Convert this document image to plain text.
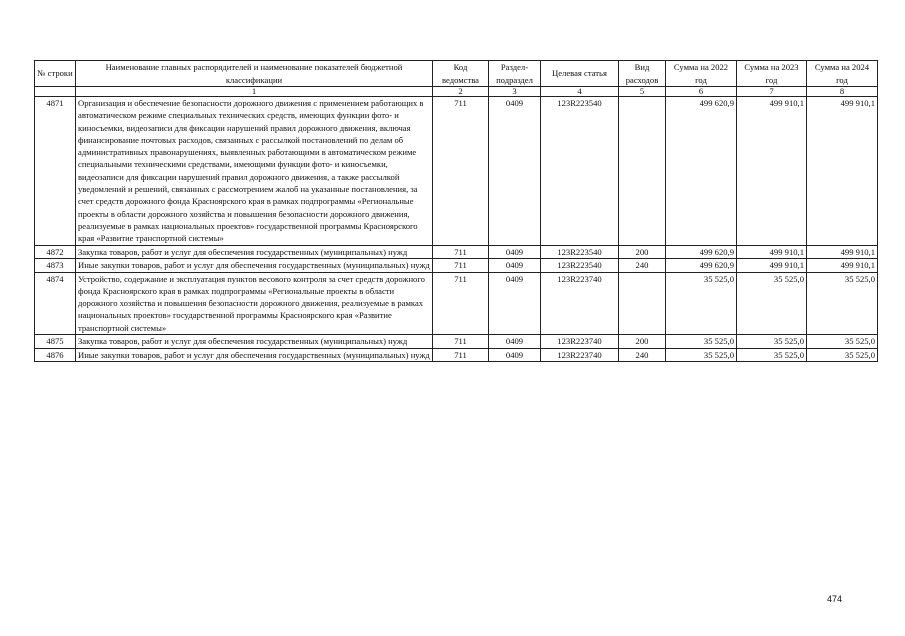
№ строки	Наименование главных распорядителей и наименование показателей бюджетной классификации	Код ведомства	Раздел-подраздел	Целевая статья	Вид расходов	Сумма на 2022 год	Сумма на 2023 год	Сумма на 2024 год
	1	2	3	4	5	6	7	8
4871	Организация и обеспечение безопасности дорожного движения с применением работающих в автоматическом режиме специальных технических средств, имеющих функции фото- и киносъемки, видеозаписи для фиксации нарушений правил дорожного движения, включая финансирование почтовых расходов, связанных с рассылкой постановлений по делам об административных правонарушениях, выявленных работающими в автоматическом режиме специальными техническими средствами, имеющими функции фото- и киносъемки, видеозаписи для фиксации нарушений правил дорожного движения, а также рассылкой уведомлений и решений, связанных с рассмотрением жалоб на указанные постановления, за счет средств дорожного фонда Красноярского края в рамках подпрограммы «Региональные проекты в области дорожного хозяйства и повышения безопасности дорожного движения, реализуемые в рамках национальных проектов» государственной программы Красноярского края «Развитие транспортной системы»	711	0409	123R223540		499 620,9	499 910,1	499 910,1
4872	Закупка товаров, работ и услуг для обеспечения государственных (муниципальных) нужд	711	0409	123R223540	200	499 620,9	499 910,1	499 910,1
4873	Иные закупки товаров, работ и услуг для обеспечения государственных (муниципальных) нужд	711	0409	123R223540	240	499 620,9	499 910,1	499 910,1
4874	Устройство, содержание и эксплуатация пунктов весового контроля за счет средств дорожного фонда Красноярского края в рамках подпрограммы «Региональные проекты в области дорожного хозяйства и повышения безопасности дорожного движения, реализуемые в рамках национальных проектов» государственной программы Красноярского края «Развитие транспортной системы»	711	0409	123R223740		35 525,0	35 525,0	35 525,0
4875	Закупка товаров, работ и услуг для обеспечения государственных (муниципальных) нужд	711	0409	123R223740	200	35 525,0	35 525,0	35 525,0
4876	Иные закупки товаров, работ и услуг для обеспечения государственных (муниципальных) нужд	711	0409	123R223740	240	35 525,0	35 525,0	35 525,0
474
